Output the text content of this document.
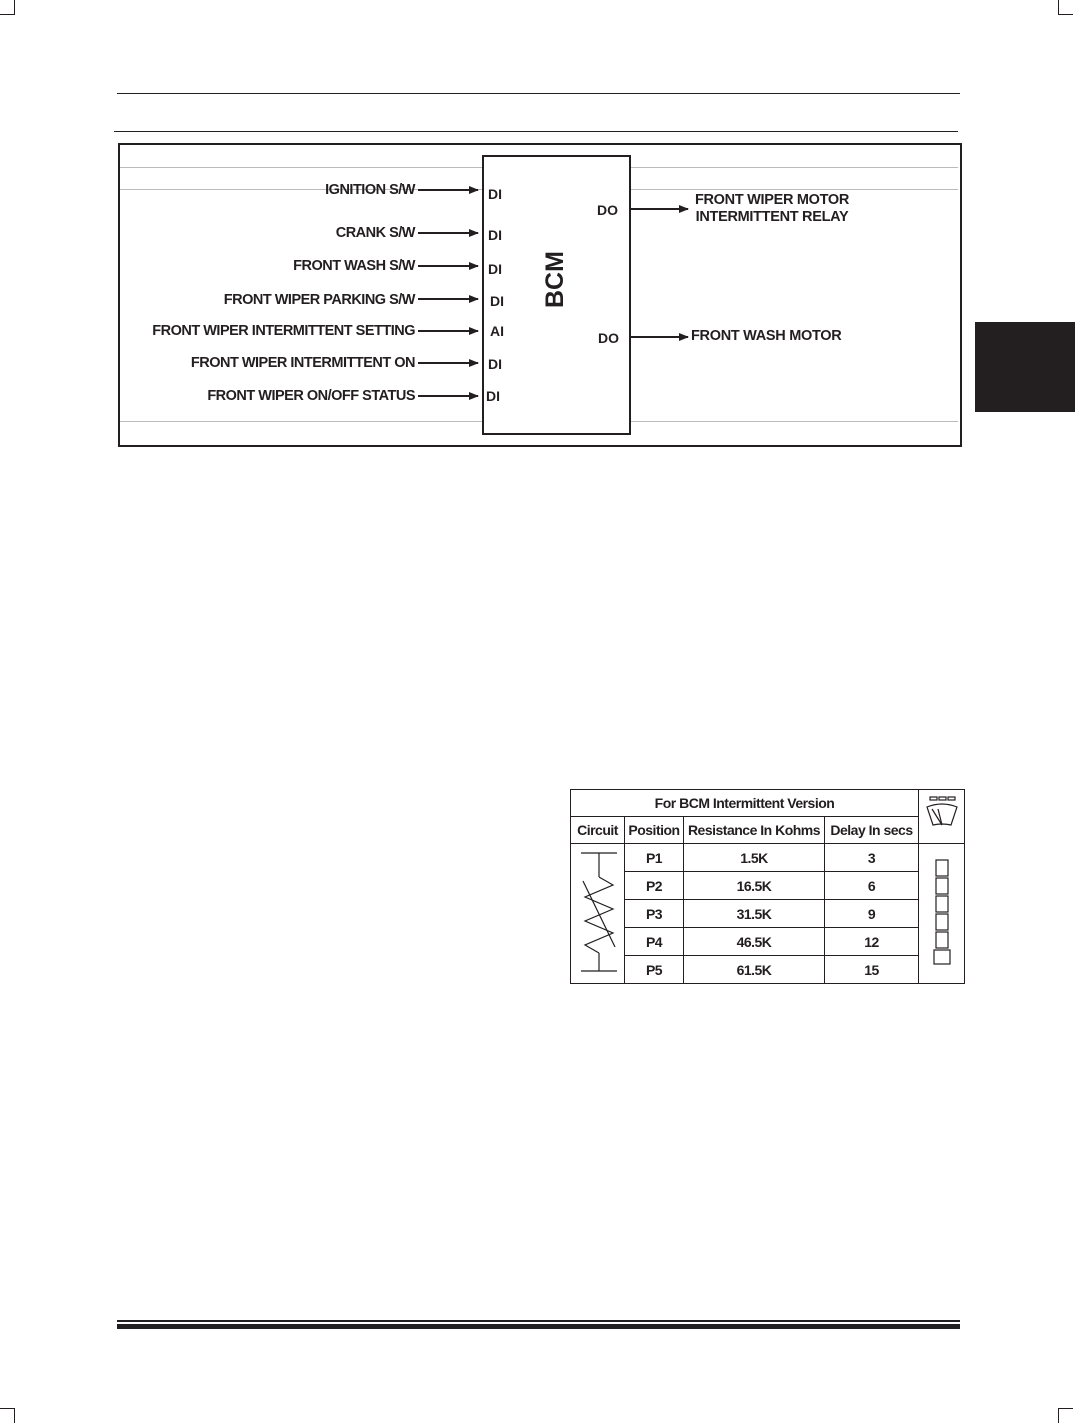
BCM
IGNITION S/W
CRANK S/W
FRONT WASH S/W
FRONT WIPER PARKING S/W
FRONT WIPER INTERMITTENT SETTING
FRONT WIPER INTERMITTENT ON
FRONT WIPER ON/OFF STATUS
DI
DI
DI
DI
AI
DI
DI
DO
DO
FRONT WIPER MOTOR
INTERMITTENT RELAY
FRONT WASH MOTOR
For BCM Intermittent Version	
Circuit	Position	Resistance In Kohms	Delay In secs	
	P1	1.5K	3	
	P2	16.5K	6	
	P3	31.5K	9	
	P4	46.5K	12	
	P5	61.5K	15	
